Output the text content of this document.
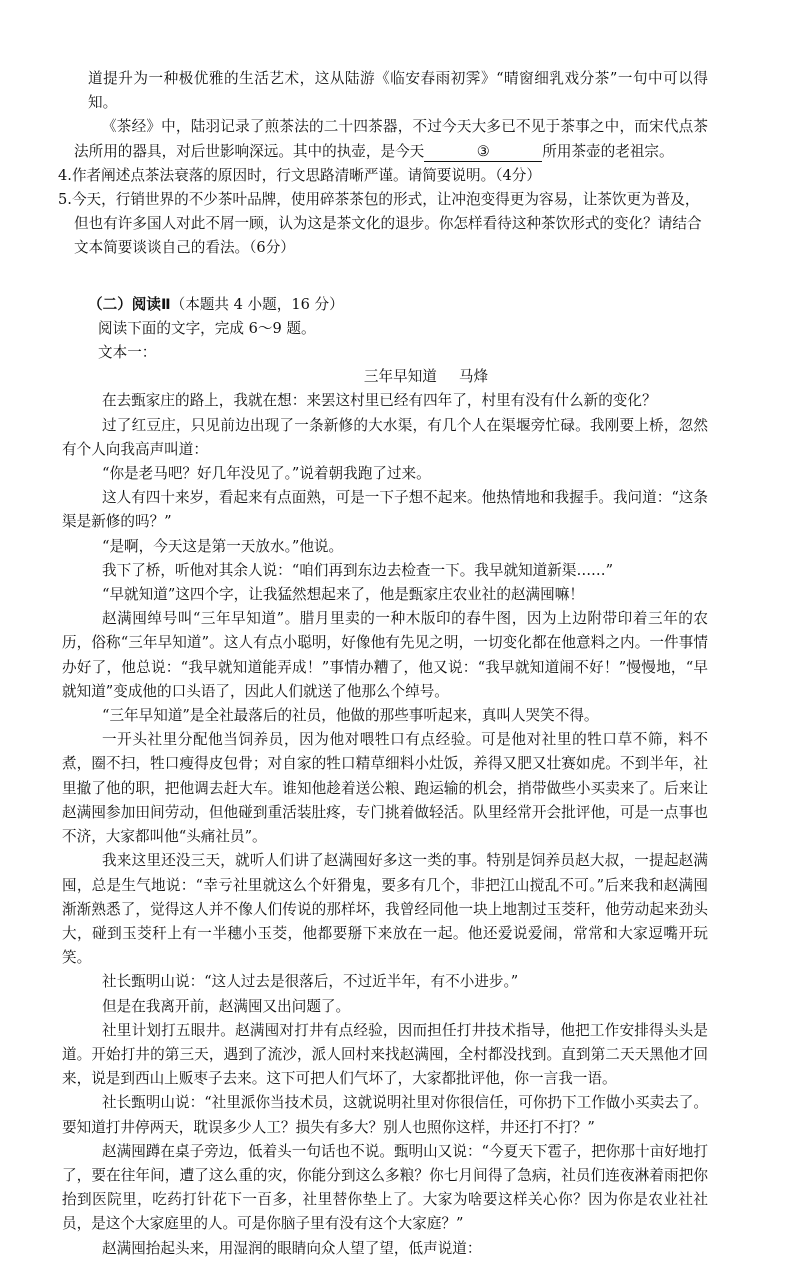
道提升为一种极优雅的生活艺术，这从陆游《临安春雨初霁》“晴窗细乳戏分茶”一句中可以得知。

《茶经》中，陆羽记录了煎茶法的二十四茶器，不过今天大多已不见于茶事之中，而宋代点茶法所用的器具，对后世影响深远。其中的执壶，是今天	③	所用茶壶的老祖宗。

4.作者阐述点茶法衰落的原因时，行文思路清晰严谨。请简要说明。（4分）

5.今天，行销世界的不少茶叶品牌，使用碎茶茶包的形式，让冲泡变得更为容易，让茶饮更为普及，但也有许多国人对此不屑一顾，认为这是茶文化的退步。你怎样看待这种茶饮形式的变化？请结合文本简要谈谈自己的看法。（6分）

（二）阅读Ⅱ（本题共 4 小题，16 分）

阅读下面的文字，完成 6～9 题。

文本一：

三年早知道 马烽

在去甄家庄的路上，我就在想：来罢这村里已经有四年了，村里有没有什么新的变化？

过了红豆庄，只见前边出现了一条新修的大水渠，有几个人在渠堰旁忙碌。我刚要上桥，忽然有个人向我高声叫道：

“你是老马吧？好几年没见了。”说着朝我跑了过来。

这人有四十来岁，看起来有点面熟，可是一下子想不起来。他热情地和我握手。我问道：“这条渠是新修的吗？”

“是啊，今天这是第一天放水。”他说。

我下了桥，听他对其余人说：“咱们再到东边去检查一下。我早就知道新渠……”

“早就知道”这四个字，让我猛然想起来了，他是甄家庄农业社的赵满囤嘛！

赵满囤绰号叫“三年早知道”。腊月里卖的一种木版印的春牛图，因为上边附带印着三年的农历，俗称“三年早知道”。这人有点小聪明，好像他有先见之明，一切变化都在他意料之内。一件事情办好了，他总说：“我早就知道能弄成！”事情办糟了，他又说：“我早就知道闹不好！”慢慢地，“早就知道”变成他的口头语了，因此人们就送了他那么个绰号。

“三年早知道”是全社最落后的社员，他做的那些事听起来，真叫人哭笑不得。

一开头社里分配他当饲养员，因为他对喂牲口有点经验。可是他对社里的牲口草不筛，料不煮，圈不扫，牲口瘦得皮包骨；对自家的牲口精草细料小灶饭，养得又肥又壮赛如虎。不到半年，社里撤了他的职，把他调去赶大车。谁知他趁着送公粮、跑运输的机会，捎带做些小买卖来了。后来让赵满囤参加田间劳动，但他碰到重活装肚疼，专门挑着做轻活。队里经常开会批评他，可是一点事也不济，大家都叫他“头痛社员”。

我来这里还没三天，就听人们讲了赵满囤好多这一类的事。特别是饲养员赵大叔，一提起赵满囤，总是生气地说：“幸亏社里就这么个奸猾鬼，要多有几个，非把江山搅乱不可。”后来我和赵满囤渐渐熟悉了，觉得这人并不像人们传说的那样坏，我曾经同他一块上地割过玉茭秆，他劳动起来劲头大，碰到玉茭秆上有一半穗小玉茭，他都要掰下来放在一起。他还爱说爱闹，常常和大家逗嘴开玩笑。

社长甄明山说：“这人过去是很落后，不过近半年，有不小进步。”

但是在我离开前，赵满囤又出问题了。

社里计划打五眼井。赵满囤对打井有点经验，因而担任打井技术指导，他把工作安排得头头是道。开始打井的第三天，遇到了流沙，派人回村来找赵满囤，全村都没找到。直到第二天天黑他才回来，说是到西山上贩枣子去来。这下可把人们气坏了，大家都批评他，你一言我一语。

社长甄明山说：“社里派你当技术员，这就说明社里对你很信任，可你扔下工作做小买卖去了。要知道打井停两天，耽误多少人工？损失有多大？别人也照你这样，井还打不打？”

赵满囤蹲在桌子旁边，低着头一句话也不说。甄明山又说：“今夏天下雹子，把你那十亩好地打了，要在往年间，遭了这么重的灾，你能分到这么多粮？你七月间得了急病，社员们连夜淋着雨把你抬到医院里，吃药打针花下一百多，社里替你垫上了。大家为啥要这样关心你？因为你是农业社社员，是这个大家庭里的人。可是你脑子里有没有这个大家庭？”

赵满囤抬起头来，用湿润的眼睛向众人望了望，低声说道：
